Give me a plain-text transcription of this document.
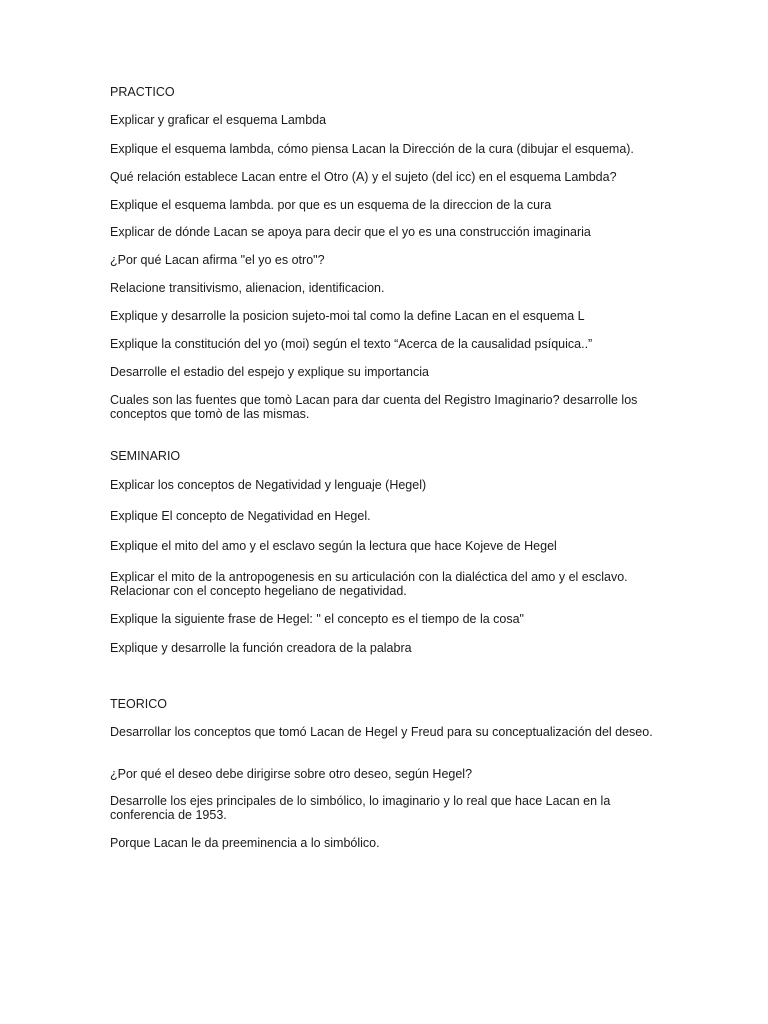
PRACTICO

Explicar y graficar el esquema Lambda

Explique el esquema lambda, cómo piensa Lacan la Dirección de la cura (dibujar el esquema).

Qué relación establece Lacan entre el Otro (A) y el sujeto (del icc) en el esquema Lambda?

Explique el esquema lambda. por que es un esquema de la direccion de la cura

Explicar de dónde Lacan se apoya para decir que el yo es una construcción imaginaria

¿Por qué Lacan afirma "el yo es otro"?

Relacione transitivismo, alienacion, identificacion.

Explique y desarrolle la posicion sujeto-moi tal como la define Lacan en el esquema L

Explique la constitución del yo (moi) según el texto “Acerca de la causalidad psíquica..”

Desarrolle el estadio del espejo y explique su importancia

Cuales son las fuentes que tomò Lacan para dar cuenta del Registro Imaginario? desarrolle los conceptos que tomò de las mismas.

SEMINARIO

Explicar los conceptos de Negatividad y lenguaje (Hegel)

Explique El concepto de Negatividad en Hegel.

Explique el mito del amo y el esclavo según la lectura que hace Kojeve de Hegel

Explicar el mito de la antropogenesis en su articulación con la dialéctica del amo y el esclavo. Relacionar con el concepto hegeliano de negatividad.

Explique la siguiente frase de Hegel: " el concepto es el tiempo de la cosa"

Explique y desarrolle la función creadora de la palabra

TEORICO

Desarrollar los conceptos que tomó Lacan de Hegel y Freud para su conceptualización del deseo.

¿Por qué el deseo debe dirigirse sobre otro deseo, según Hegel?

Desarrolle los ejes principales de lo simbólico, lo imaginario y lo real que hace Lacan en la conferencia de 1953.

Porque Lacan le da preeminencia a lo simbólico.
